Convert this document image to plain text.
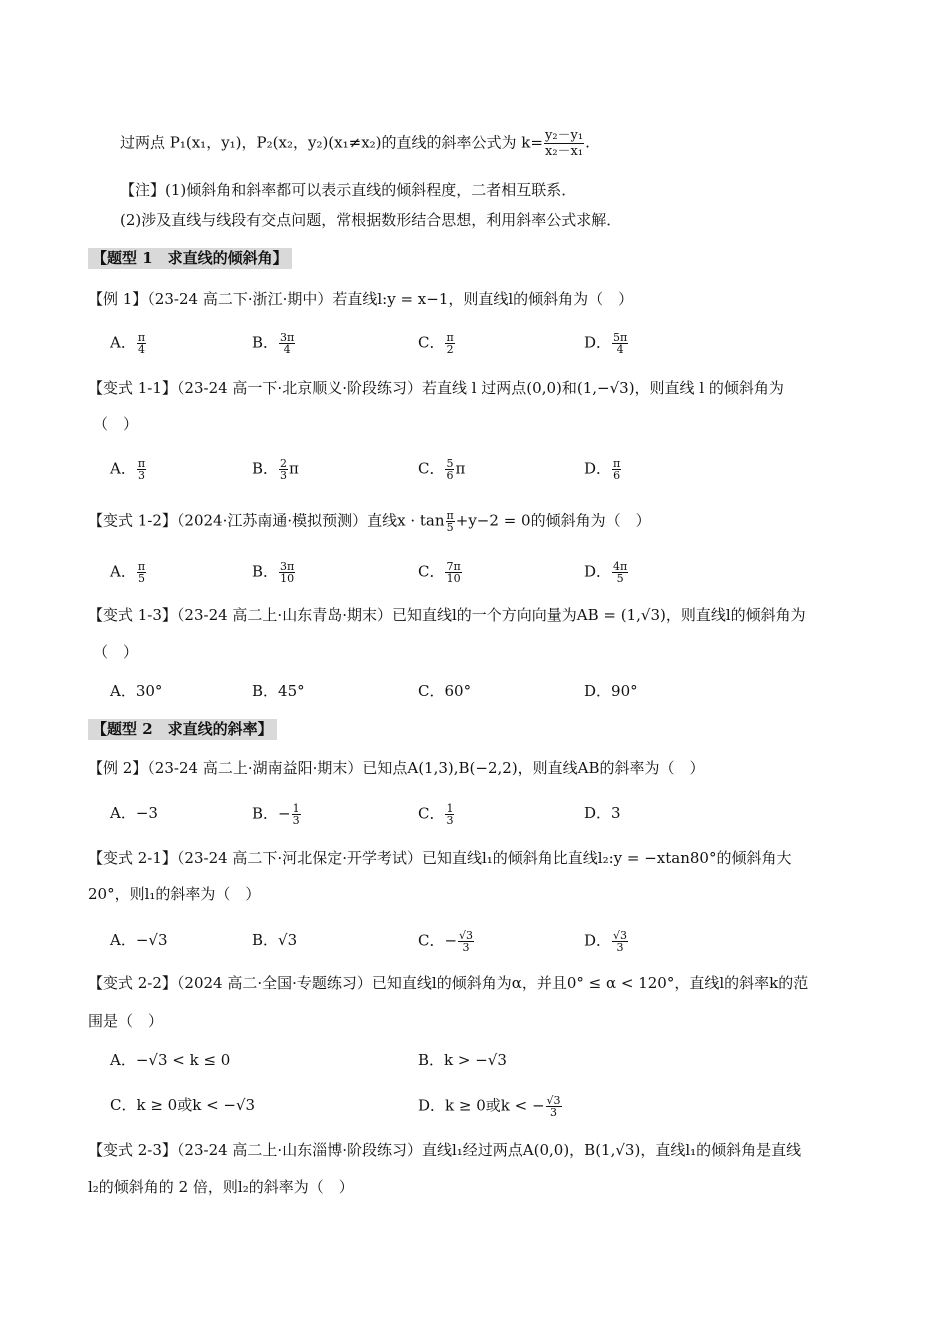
过两点 P₁(x₁，y₁)，P₂(x₂，y₂)(x₁≠x₂)的直线的斜率公式为 $k= \frac{\text{y₂－y₁}}{\text{x₂－x₁}}$ .
【注】(1)倾斜角和斜率都可以表示直线的倾斜程度，二者相互联系．
(2)涉及直线与线段有交点问题，常根据数形结合思想，利用斜率公式求解．
【题型 1　求直线的倾斜角】
【例 1】（23-24 高二下·浙江·期中）若直线l:y = x−1，则直线l的倾斜角为（　）
A． $\frac{\pi}{4}$	B． $\frac{3\pi}{4}$	C． $\frac{\pi}{2}$	D． $\frac{5\pi}{4}$
【变式 1-1】（23-24 高一下·北京顺义·阶段练习）若直线 l 过两点(0,0)和(1,−√3)，则直线 l 的倾斜角为
（　）
A． $\frac{\pi}{3}$	B． $\frac{2}{3}$ π	C． $\frac{5}{6}$ π	D． $\frac{\pi}{6}$
【变式 1-2】（2024·江苏南通·模拟预测）直线$x \cdot \tan \frac{\pi}{5} +y-2 = 0$的倾斜角为（　）
A． $\frac{\pi}{5}$	B． $\frac{3\pi}{10}$	C． $\frac{7\pi}{10}$	D． $\frac{4\pi}{5}$
【变式 1-3】（23-24 高二上·山东青岛·期末）已知直线l的一个方向向量为AB = (1,√3)，则直线l的倾斜角为
（　）
A．30°	B．45°	C．60°	D．90°
【题型 2　求直线的斜率】
【例 2】（23-24 高二上·湖南益阳·期末）已知点A(1,3),B(−2,2)，则直线AB的斜率为（　）
A．−3	B．− $\frac{1}{3}$	C． $\frac{1}{3}$	D．3
【变式 2-1】（23-24 高二下·河北保定·开学考试）已知直线l₁的倾斜角比直线l₂:y = −xtan80°的倾斜角大
20°，则l₁的斜率为（　）
A．−√3	B．√3	C．− $\frac{√3}{3}$	D． $\frac{√3}{3}$
【变式 2-2】（2024 高二·全国·专题练习）已知直线l的倾斜角为α，并且0° ≤ α < 120°，直线l的斜率k的范
围是（　）
A．−√3 < k ≤ 0	B．k > −√3
C．k ≥ 0或k < −√3	D．k ≥ 0或k < − $\frac{√3}{3}$
【变式 2-3】（23-24 高二上·山东淄博·阶段练习）直线l₁经过两点A(0,0)，B(1,√3)，直线l₁的倾斜角是直线
l₂的倾斜角的 2 倍，则l₂的斜率为（　）
